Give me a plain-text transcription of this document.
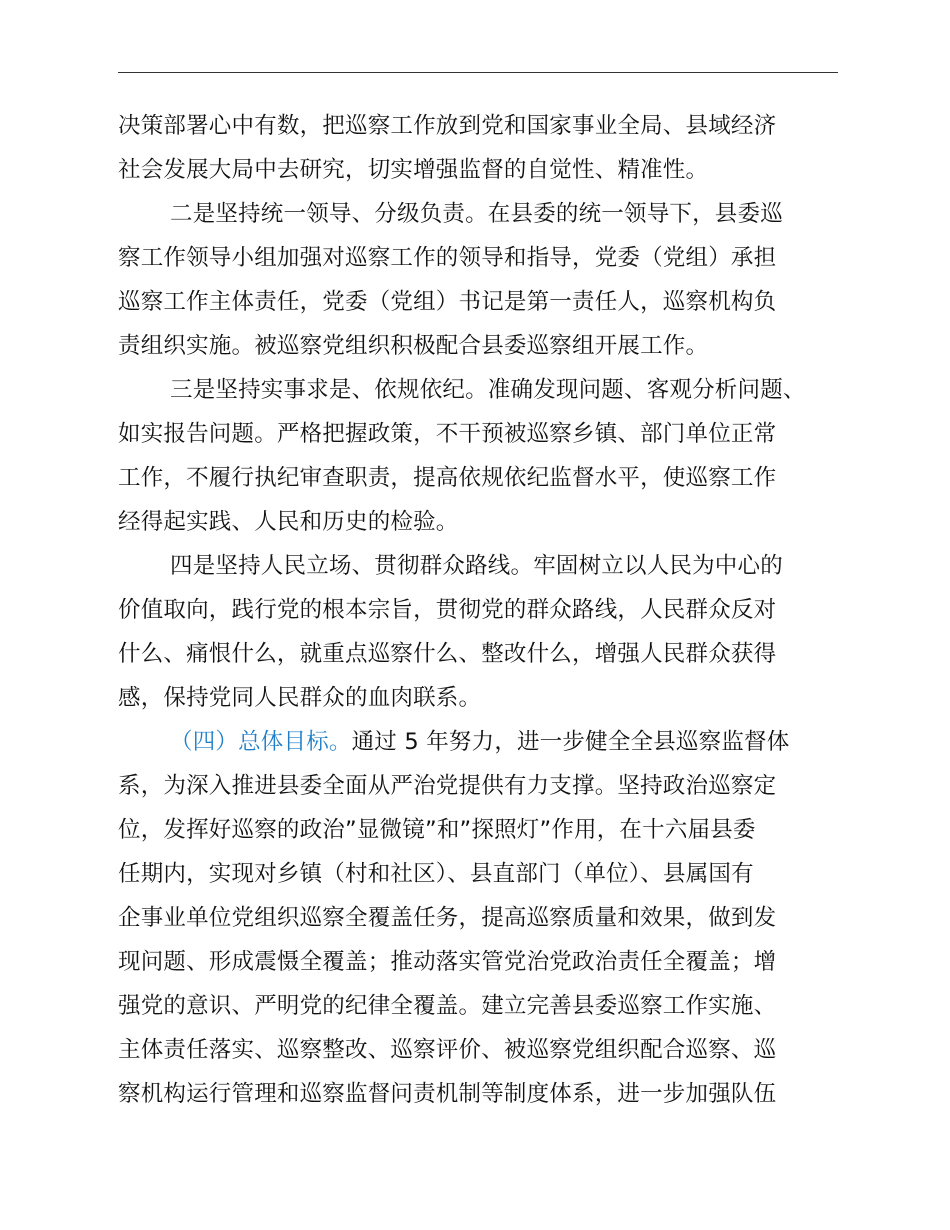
决策部署心中有数，把巡察工作放到党和国家事业全局、县域经济
社会发展大局中去研究，切实增强监督的自觉性、精准性。
二是坚持统一领导、分级负责。在县委的统一领导下，县委巡
察工作领导小组加强对巡察工作的领导和指导，党委（党组）承担
巡察工作主体责任，党委（党组）书记是第一责任人，巡察机构负
责组织实施。被巡察党组织积极配合县委巡察组开展工作。
三是坚持实事求是、依规依纪。准确发现问题、客观分析问题、
如实报告问题。严格把握政策，不干预被巡察乡镇、部门单位正常
工作，不履行执纪审查职责，提高依规依纪监督水平，使巡察工作
经得起实践、人民和历史的检验。
四是坚持人民立场、贯彻群众路线。牢固树立以人民为中心的
价值取向，践行党的根本宗旨，贯彻党的群众路线，人民群众反对
什么、痛恨什么，就重点巡察什么、整改什么，增强人民群众获得
感，保持党同人民群众的血肉联系。
（四）总体目标。通过 5 年努力，进一步健全全县巡察监督体
系，为深入推进县委全面从严治党提供有力支撑。坚持政治巡察定
位，发挥好巡察的政治”显微镜”和”探照灯”作用，在十六届县委
任期内，实现对乡镇（村和社区）、县直部门（单位）、县属国有
企事业单位党组织巡察全覆盖任务，提高巡察质量和效果，做到发
现问题、形成震慑全覆盖；推动落实管党治党政治责任全覆盖；增
强党的意识、严明党的纪律全覆盖。建立完善县委巡察工作实施、
主体责任落实、巡察整改、巡察评价、被巡察党组织配合巡察、巡
察机构运行管理和巡察监督问责机制等制度体系，进一步加强队伍
